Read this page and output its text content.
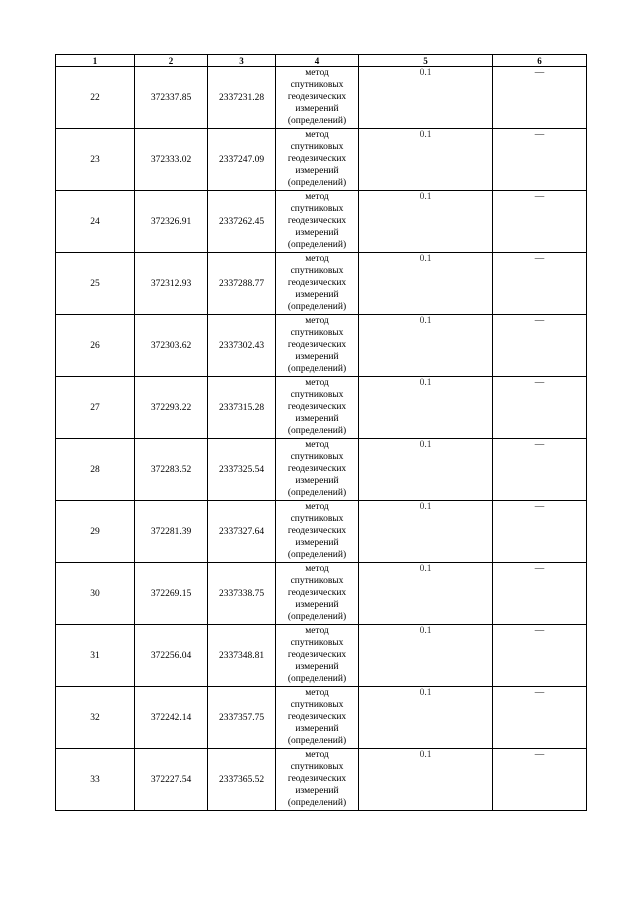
1	2	3	4	5	6
22	372337.85	2337231.28	метод
спутниковых
геодезических
измерений
(определений)	0.1	—
23	372333.02	2337247.09	метод
спутниковых
геодезических
измерений
(определений)	0.1	—
24	372326.91	2337262.45	метод
спутниковых
геодезических
измерений
(определений)	0.1	—
25	372312.93	2337288.77	метод
спутниковых
геодезических
измерений
(определений)	0.1	—
26	372303.62	2337302.43	метод
спутниковых
геодезических
измерений
(определений)	0.1	—
27	372293.22	2337315.28	метод
спутниковых
геодезических
измерений
(определений)	0.1	—
28	372283.52	2337325.54	метод
спутниковых
геодезических
измерений
(определений)	0.1	—
29	372281.39	2337327.64	метод
спутниковых
геодезических
измерений
(определений)	0.1	—
30	372269.15	2337338.75	метод
спутниковых
геодезических
измерений
(определений)	0.1	—
31	372256.04	2337348.81	метод
спутниковых
геодезических
измерений
(определений)	0.1	—
32	372242.14	2337357.75	метод
спутниковых
геодезических
измерений
(определений)	0.1	—
33	372227.54	2337365.52	метод
спутниковых
геодезических
измерений
(определений)	0.1	—
